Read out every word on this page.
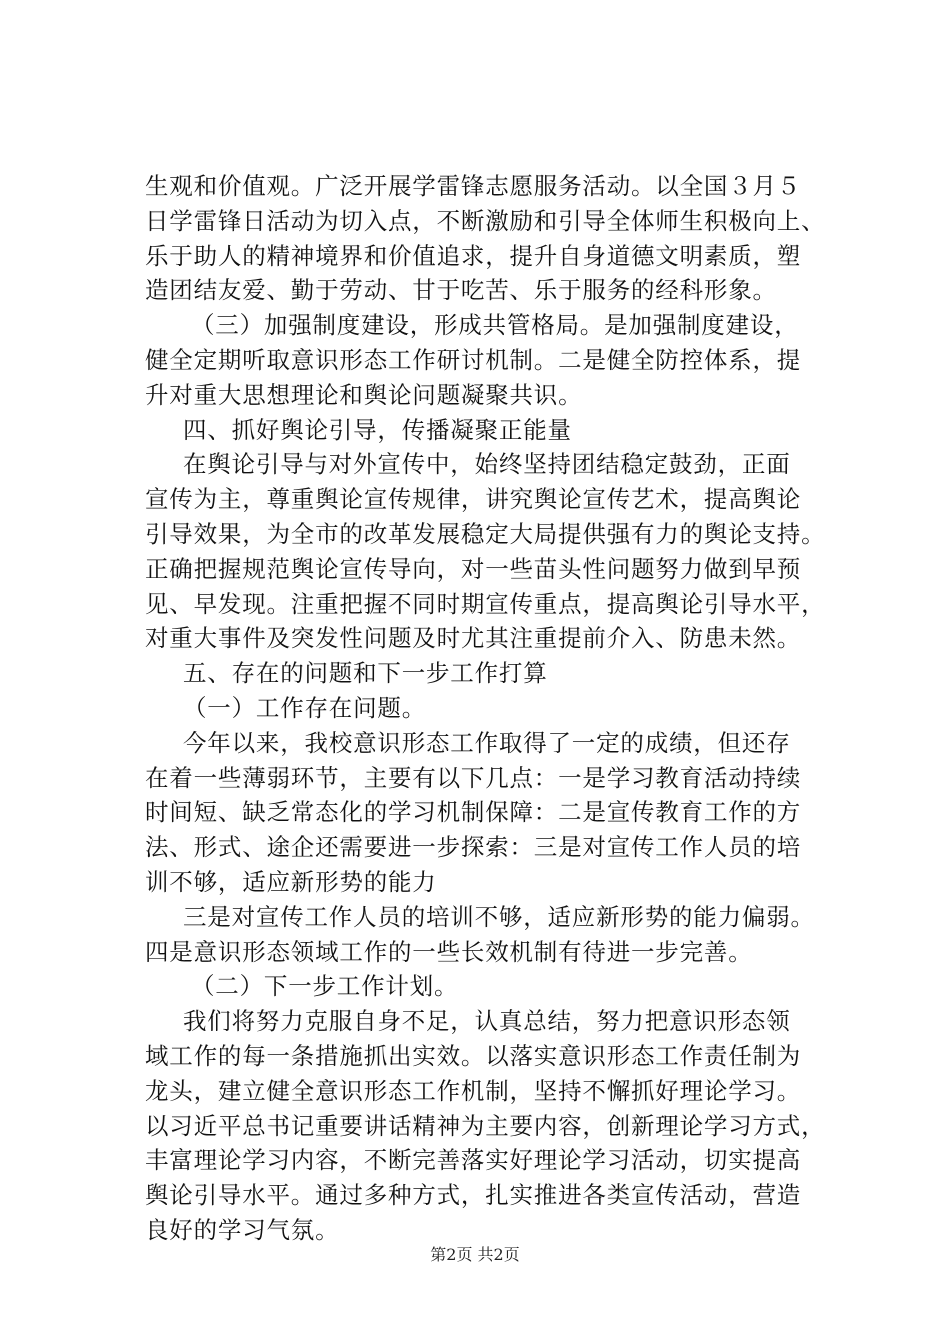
生观和价值观。广泛开展学雷锋志愿服务活动。以全国３月５
日学雷锋日活动为切入点，不断激励和引导全体师生积极向上、
乐于助人的精神境界和价值追求，提升自身道德文明素质，塑
造团结友爱、勤于劳动、甘于吃苦、乐于服务的经科形象。
（三）加强制度建设，形成共管格局。是加强制度建设，
健全定期听取意识形态工作研讨机制。二是健全防控体系，提
升对重大思想理论和舆论问题凝聚共识。
四、抓好舆论引导，传播凝聚正能量
在舆论引导与对外宣传中，始终坚持团结稳定鼓劲，正面
宣传为主，尊重舆论宣传规律，讲究舆论宣传艺术，提高舆论
引导效果，为全市的改革发展稳定大局提供强有力的舆论支持。
正确把握规范舆论宣传导向，对一些苗头性问题努力做到早预
见、早发现。注重把握不同时期宣传重点，提高舆论引导水平，
对重大事件及突发性问题及时尤其注重提前介入、防患未然。
五、存在的问题和下一步工作打算
（一）工作存在问题。
今年以来，我校意识形态工作取得了一定的成绩，但还存
在着一些薄弱环节，主要有以下几点：一是学习教育活动持续
时间短、缺乏常态化的学习机制保障：二是宣传教育工作的方
法、形式、途企还需要进一步探索：三是对宣传工作人员的培
训不够，适应新形势的能力
三是对宣传工作人员的培训不够，适应新形势的能力偏弱。
四是意识形态领域工作的一些长效机制有待进一步完善。
（二）下一步工作计划。
我们将努力克服自身不足，认真总结，努力把意识形态领
域工作的每一条措施抓出实效。以落实意识形态工作责任制为
龙头，建立健全意识形态工作机制，坚持不懈抓好理论学习。
以习近平总书记重要讲话精神为主要内容，创新理论学习方式，
丰富理论学习内容，不断完善落实好理论学习活动，切实提高
舆论引导水平。通过多种方式，扎实推进各类宣传活动，营造
良好的学习气氛。
第2页 共2页
